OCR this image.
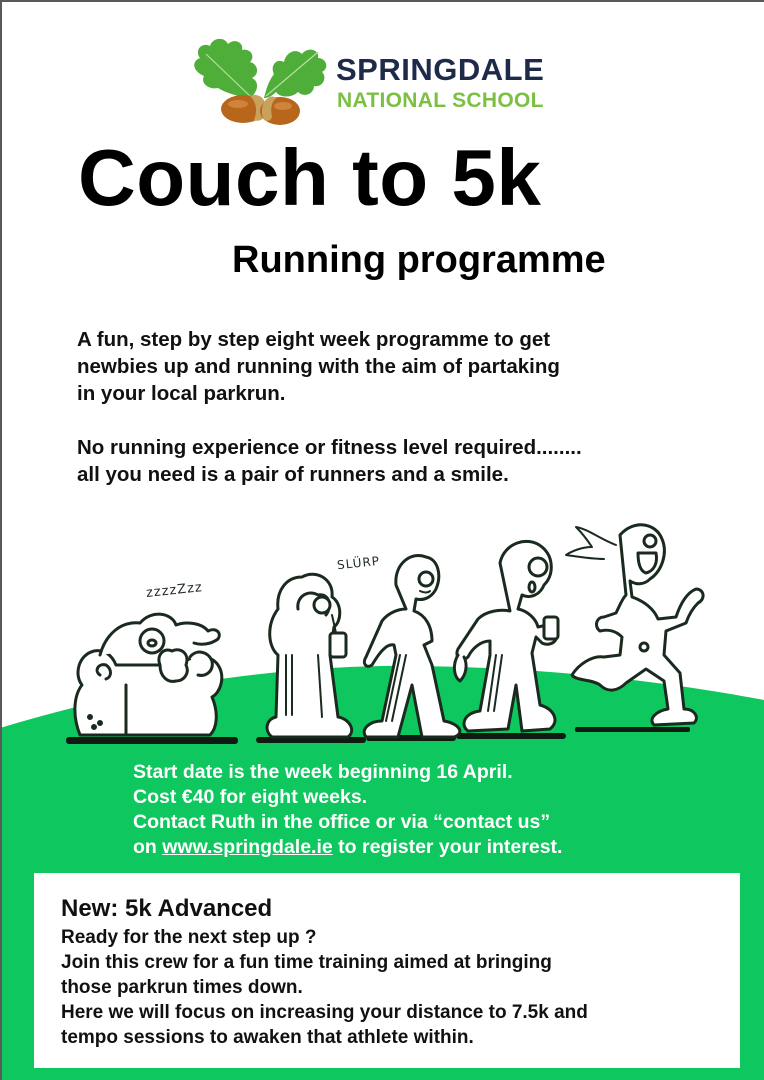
SPRINGDALE
NATIONAL SCHOOL
Couch to 5k
Running programme

A fun, step by step eight week programme to get
newbies up and running with the aim of partaking
in your local parkrun.

No running experience or fitness level required........
all you need is a pair of runners and a smile.

zzzzZzz
SLÜRP

Start date is the week beginning 16 April.

Cost €40 for eight weeks.

Contact Ruth in the office or via “contact us”

on www.springdale.ie to register your interest.

New: 5k Advanced

Ready for the next step up ?

Join this crew for a fun time training aimed at bringing

those parkrun times down.

Here we will focus on increasing your distance to 7.5k and

tempo sessions to awaken that athlete within.
